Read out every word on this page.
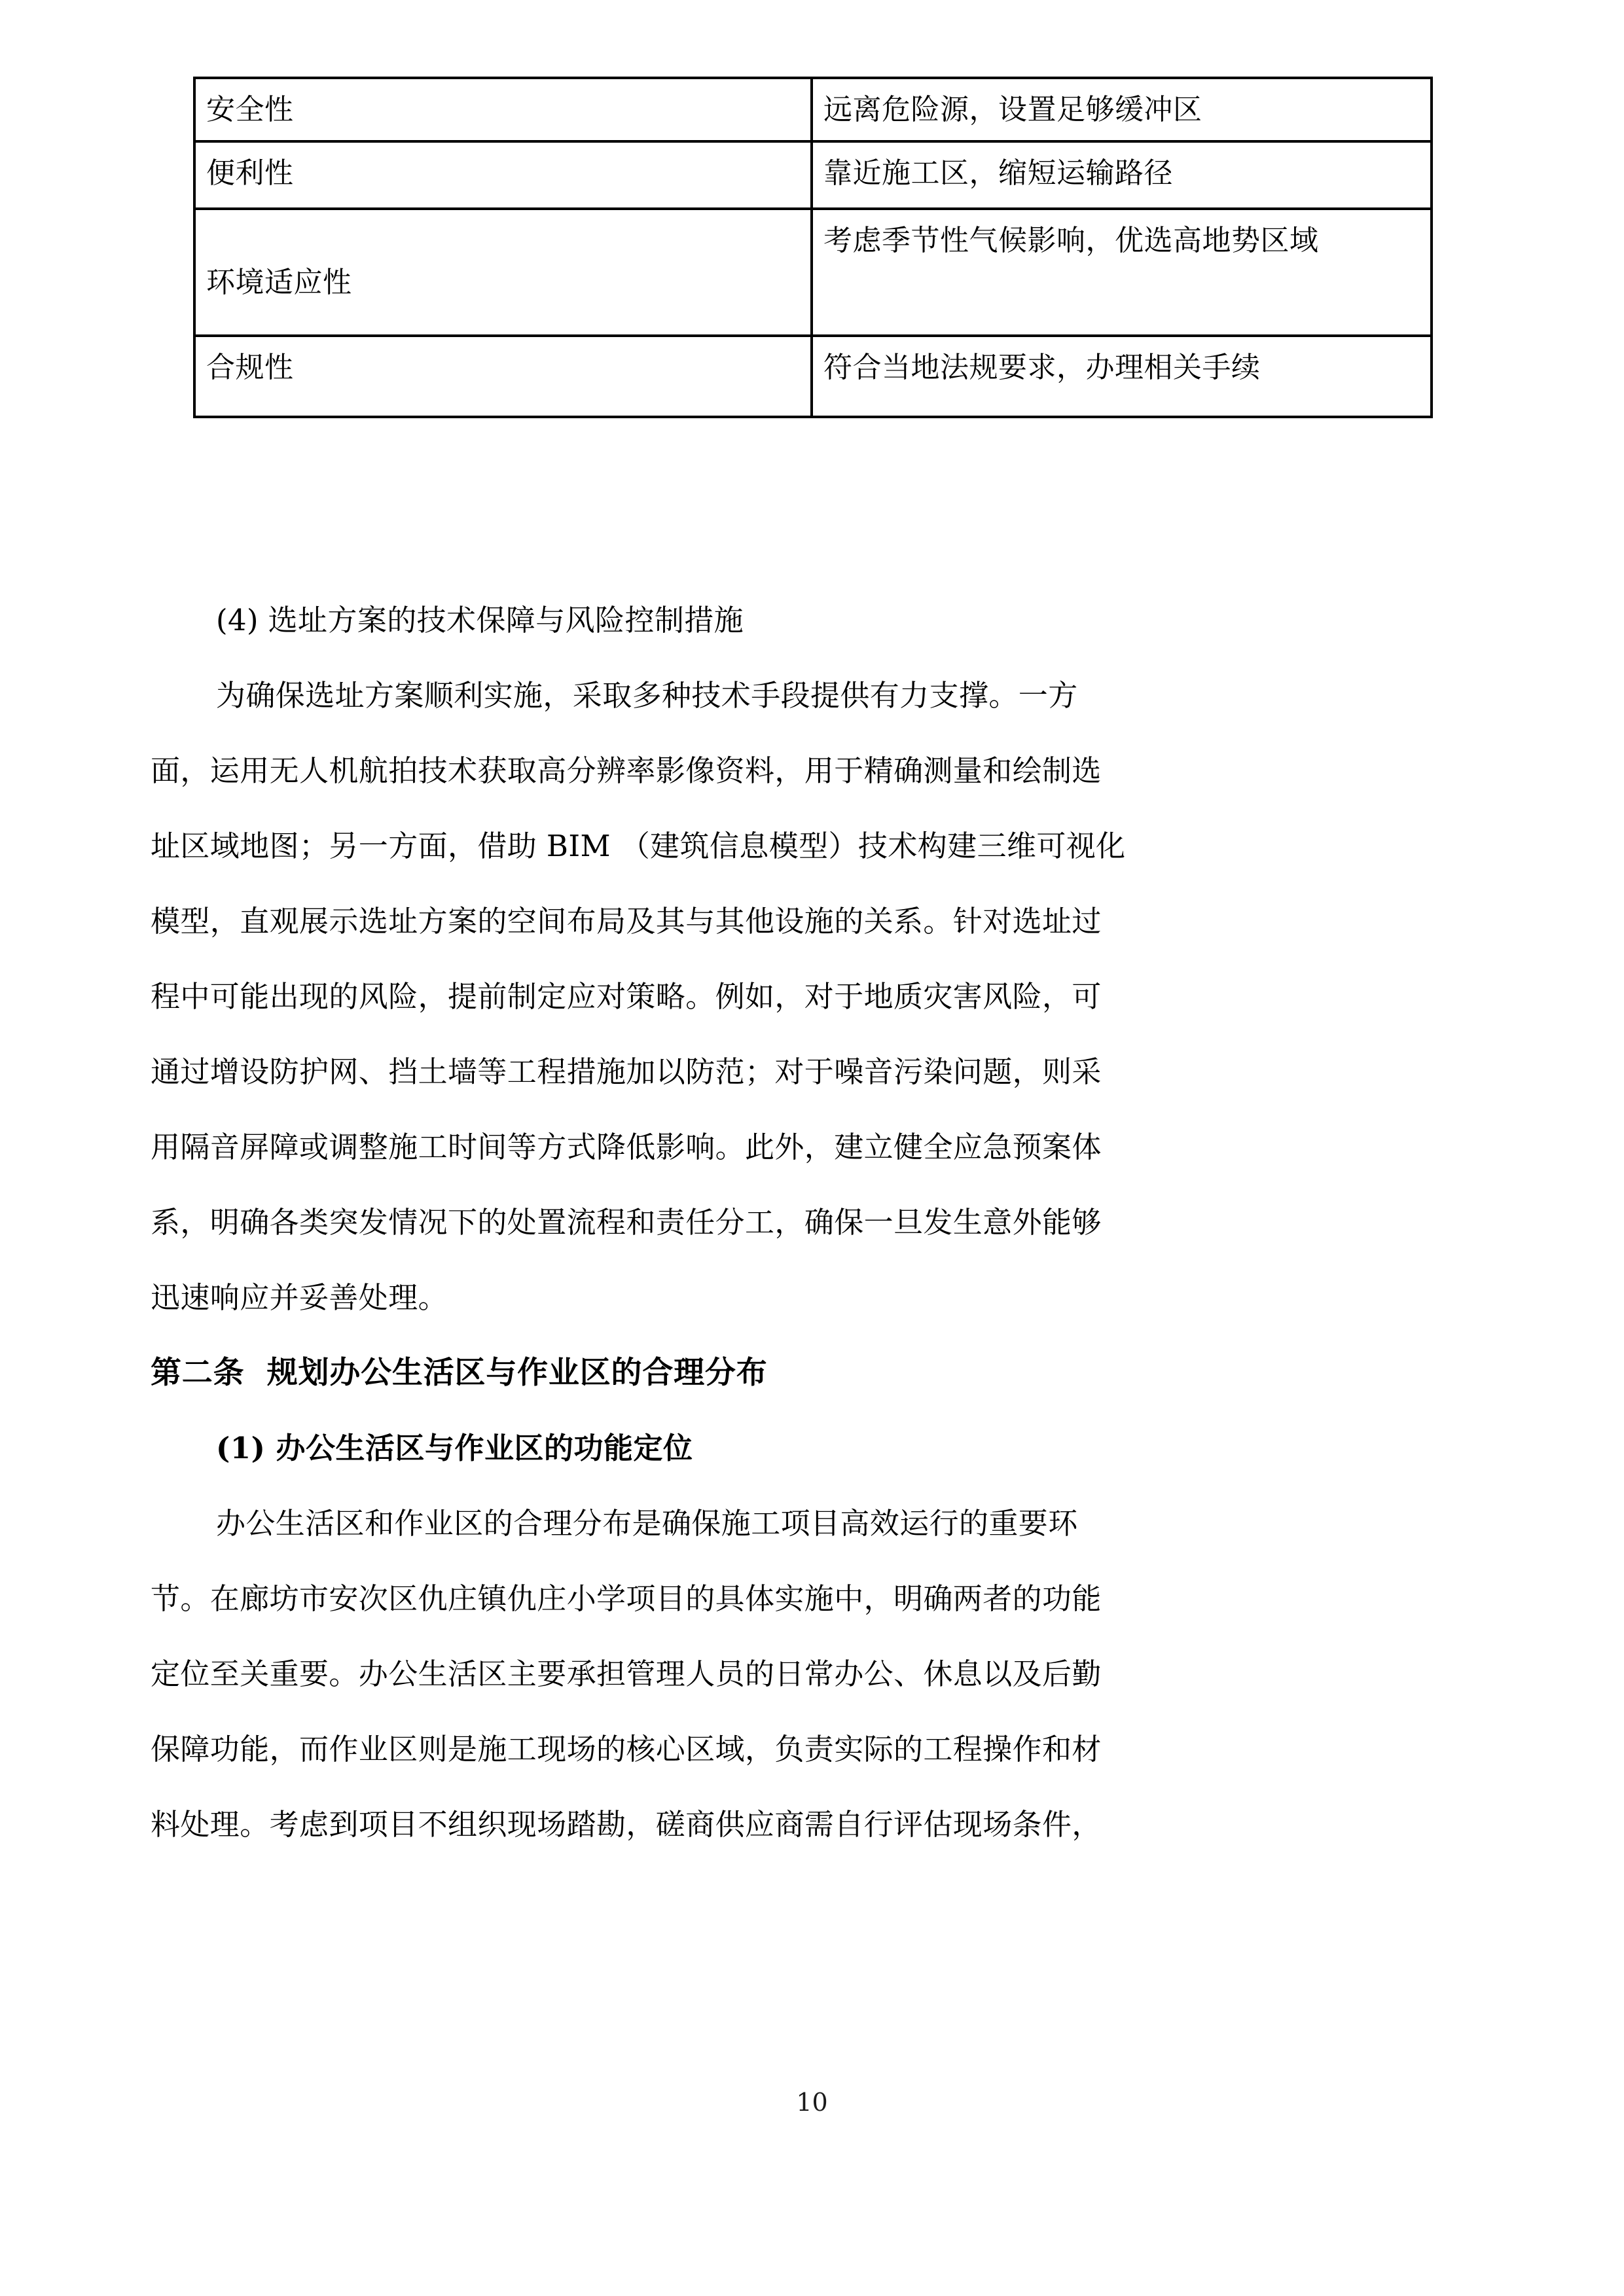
安全性	远离危险源，设置足够缓冲区
便利性	靠近施工区，缩短运输路径
环境适应性	考虑季节性气候影响，优选高地势区域
合规性	符合当地法规要求，办理相关手续
(4) 选址方案的技术保障与风险控制措施
为确保选址方案顺利实施，采取多种技术手段提供有力支撑。一方
面，运用无人机航拍技术获取高分辨率影像资料，用于精确测量和绘制选
址区域地图；另一方面，借助 BIM （建筑信息模型）技术构建三维可视化
模型，直观展示选址方案的空间布局及其与其他设施的关系。针对选址过
程中可能出现的风险，提前制定应对策略。例如，对于地质灾害风险，可
通过增设防护网、挡土墙等工程措施加以防范；对于噪音污染问题，则采
用隔音屏障或调整施工时间等方式降低影响。此外，建立健全应急预案体
系，明确各类突发情况下的处置流程和责任分工，确保一旦发生意外能够
迅速响应并妥善处理。
第二条  规划办公生活区与作业区的合理分布
(1) 办公生活区与作业区的功能定位
办公生活区和作业区的合理分布是确保施工项目高效运行的重要环
节。在廊坊市安次区仇庄镇仇庄小学项目的具体实施中，明确两者的功能
定位至关重要。办公生活区主要承担管理人员的日常办公、休息以及后勤
保障功能，而作业区则是施工现场的核心区域，负责实际的工程操作和材
料处理。考虑到项目不组织现场踏勘，磋商供应商需自行评估现场条件，
10
